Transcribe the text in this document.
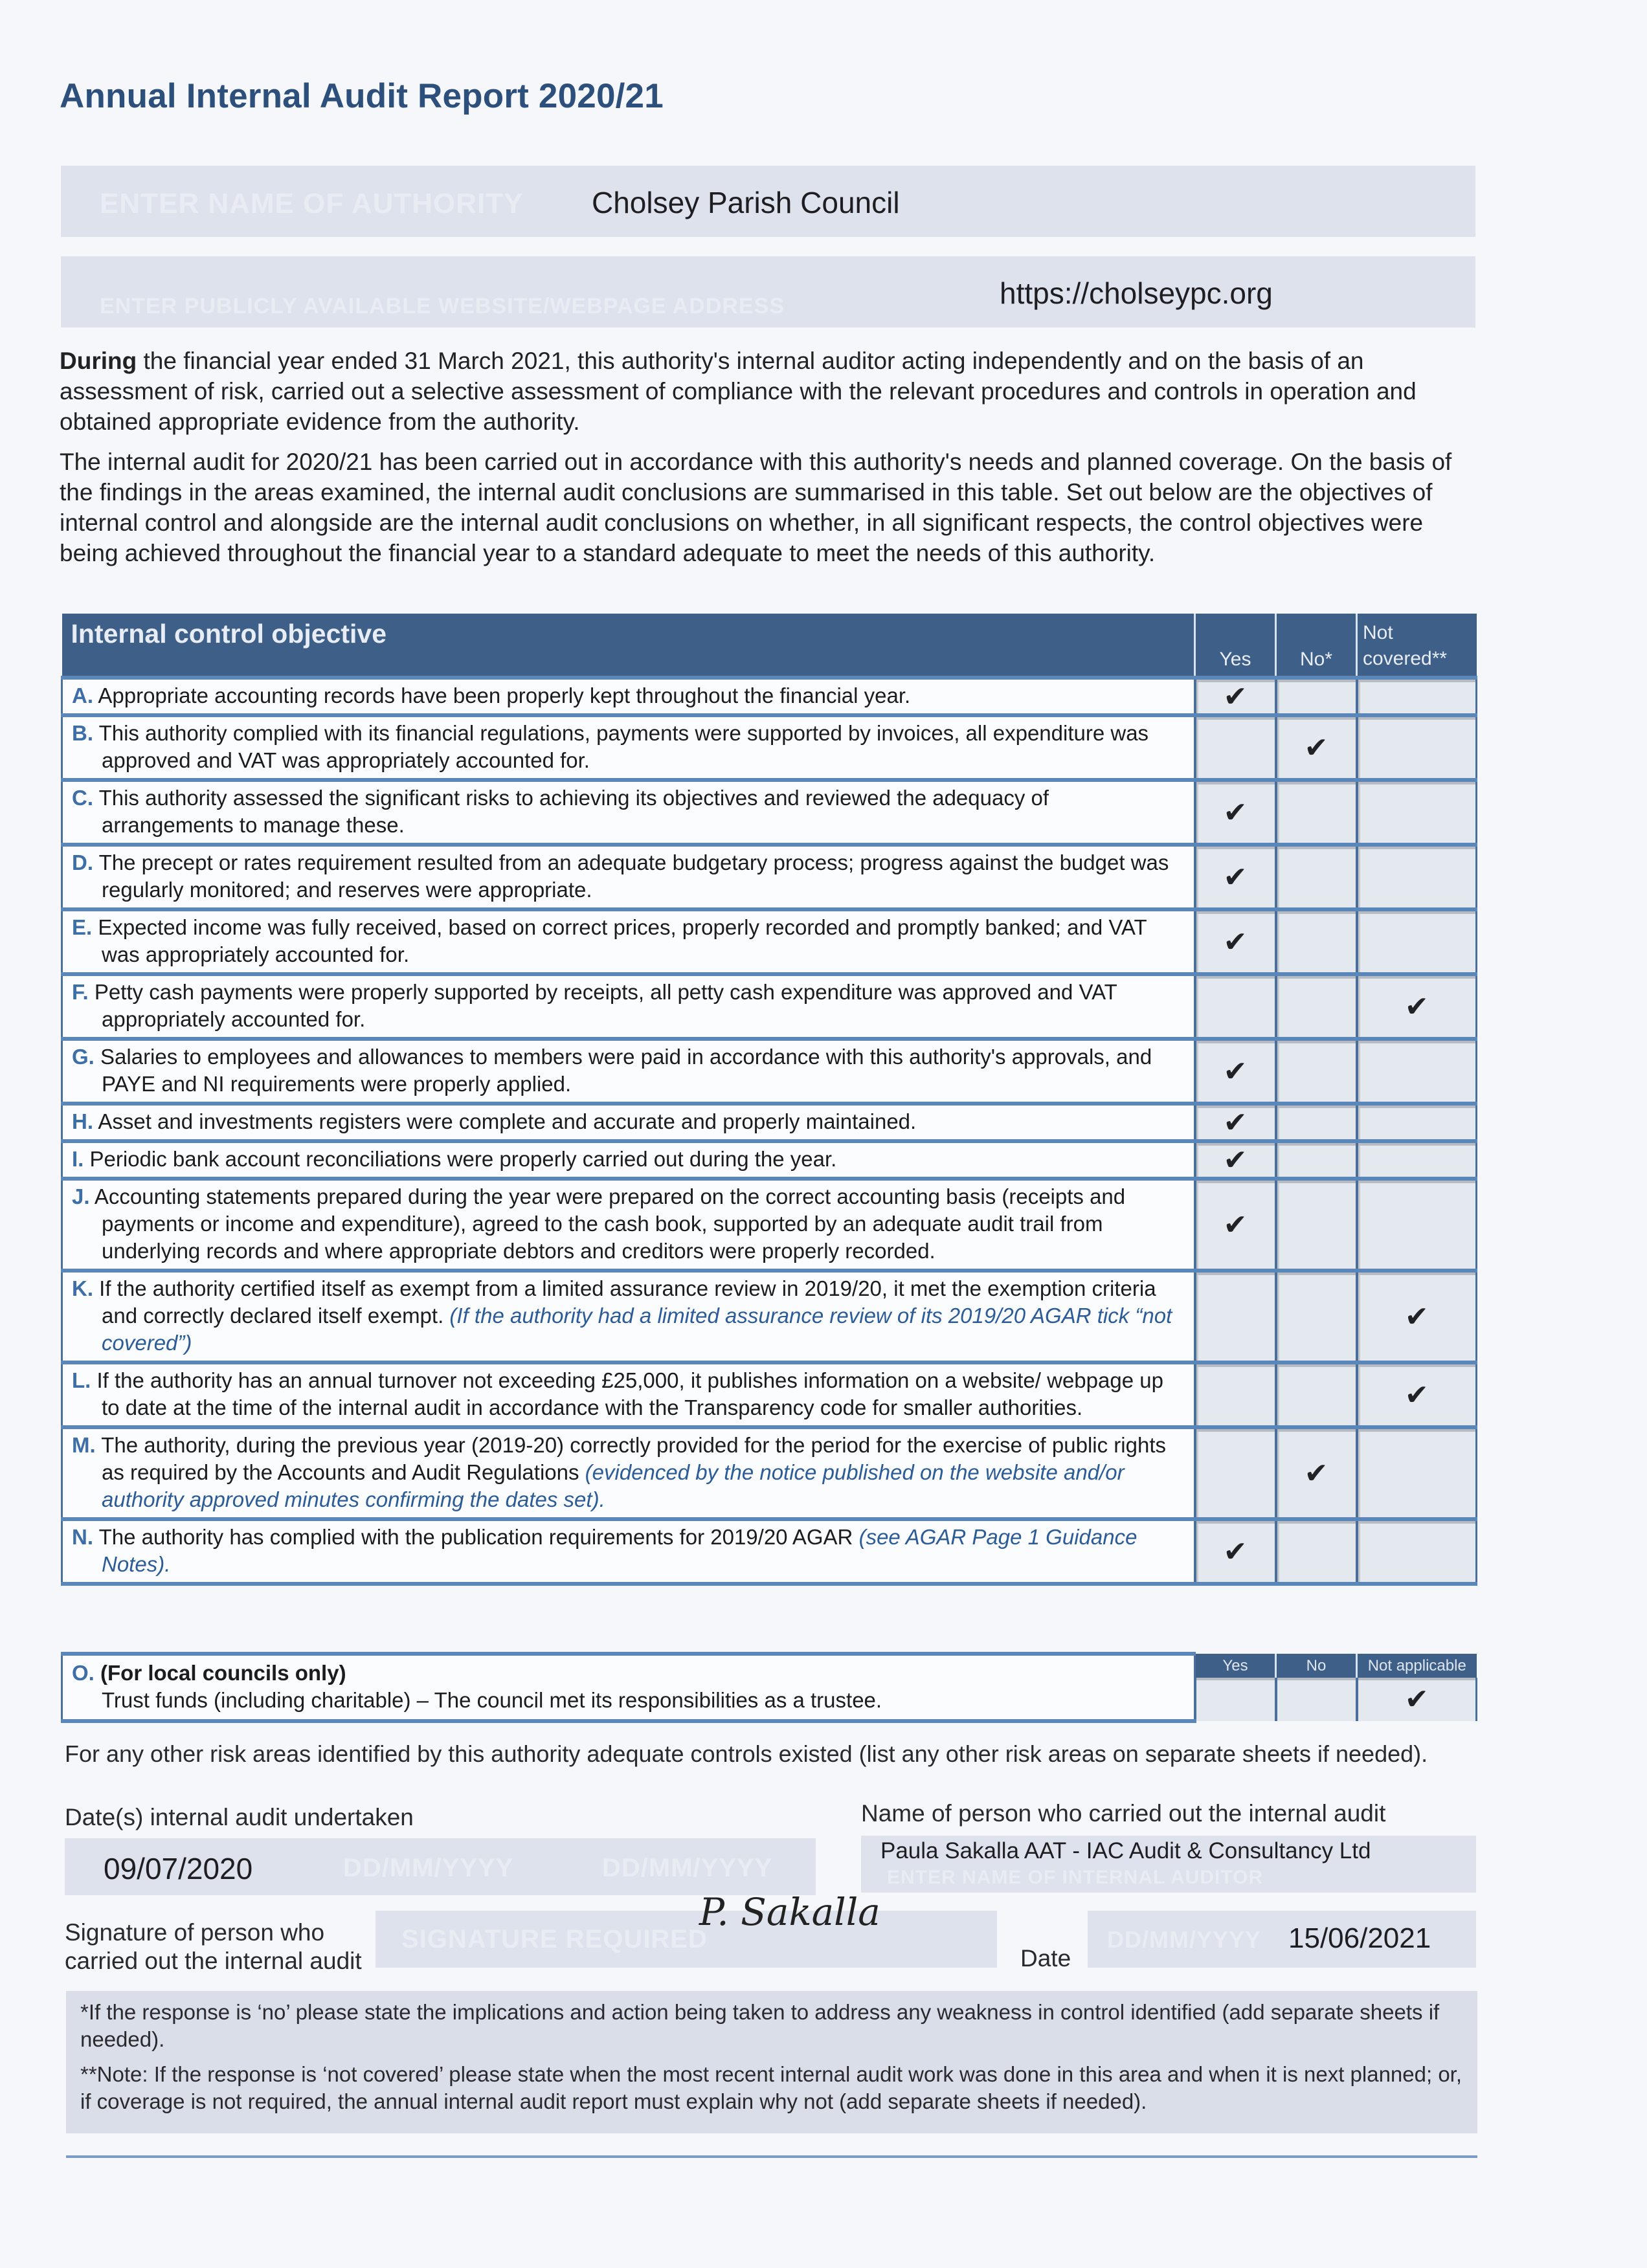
Annual Internal Audit Report 2020/21
ENTER NAME OF AUTHORITY Cholsey Parish Council
ENTER PUBLICLY AVAILABLE WEBSITE/WEBPAGE ADDRESS	https://cholseypc.org
During the financial year ended 31 March 2021, this authority's internal auditor acting independently and on the basis of an assessment of risk, carried out a selective assessment of compliance with the relevant procedures and controls in operation and obtained appropriate evidence from the authority.
The internal audit for 2020/21 has been carried out in accordance with this authority's needs and planned coverage. On the basis of the findings in the areas examined, the internal audit conclusions are summarised in this table. Set out below are the objectives of internal control and alongside are the internal audit conclusions on whether, in all significant respects, the control objectives were being achieved throughout the financial year to a standard adequate to meet the needs of this authority.
Internal control objective	Yes	No*	Not
covered**

A. Appropriate accounting records have been properly kept throughout the financial year.	✔		

B. This authority complied with its financial regulations, payments were supported by invoices, all expenditure was approved and VAT was appropriately accounted for.		✔	

C. This authority assessed the significant risks to achieving its objectives and reviewed the adequacy of arrangements to manage these.	✔		

D. The precept or rates requirement resulted from an adequate budgetary process; progress against the budget was regularly monitored; and reserves were appropriate.	✔		

E. Expected income was fully received, based on correct prices, properly recorded and promptly banked; and VAT was appropriately accounted for.	✔		

F. Petty cash payments were properly supported by receipts, all petty cash expenditure was approved and VAT appropriately accounted for.			✔

G. Salaries to employees and allowances to members were paid in accordance with this authority's approvals, and PAYE and NI requirements were properly applied.	✔		

H. Asset and investments registers were complete and accurate and properly maintained.	✔		

I. Periodic bank account reconciliations were properly carried out during the year.	✔		

J. Accounting statements prepared during the year were prepared on the correct accounting basis (receipts and payments or income and expenditure), agreed to the cash book, supported by an adequate audit trail from underlying records and where appropriate debtors and creditors were properly recorded.	✔		

K. If the authority certified itself as exempt from a limited assurance review in 2019/20, it met the exemption criteria and correctly declared itself exempt. (If the authority had a limited assurance review of its 2019/20 AGAR tick “not covered”)			✔

L. If the authority has an annual turnover not exceeding £25,000, it publishes information on a website/ webpage up to date at the time of the internal audit in accordance with the Transparency code for smaller authorities.			✔

M. The authority, during the previous year (2019-20) correctly provided for the period for the exercise of public rights as required by the Accounts and Audit Regulations (evidenced by the notice published on the website and/or authority approved minutes confirming the dates set).		✔	

N. The authority has complied with the publication requirements for 2019/20 AGAR (see AGAR Page 1 Guidance Notes).	✔		
O. (For local councils only)
Trust funds (including charitable) – The council met its responsibilities as a trustee.	Yes	No	Not applicable
			✔
For any other risk areas identified by this authority adequate controls existed (list any other risk areas on separate sheets if needed).
Date(s) internal audit undertaken
09/07/2020	DD/MM/YYYY	DD/MM/YYYY
Name of person who carried out the internal audit
ENTER NAME OF INTERNAL AUDITOR
Paula Sakalla AAT - IAC Audit & Consultancy Ltd
Signature of person who
carried out the internal audit
SIGNATURE REQUIRED
P. Sakalla
Date
DD/MM/YYYY 15/06/2021

*If the response is ‘no’ please state the implications and action being taken to address any weakness in control identified (add separate sheets if needed).

**Note: If the response is ‘not covered’ please state when the most recent internal audit work was done in this area and when it is next planned; or, if coverage is not required, the annual internal audit report must explain why not (add separate sheets if needed).
